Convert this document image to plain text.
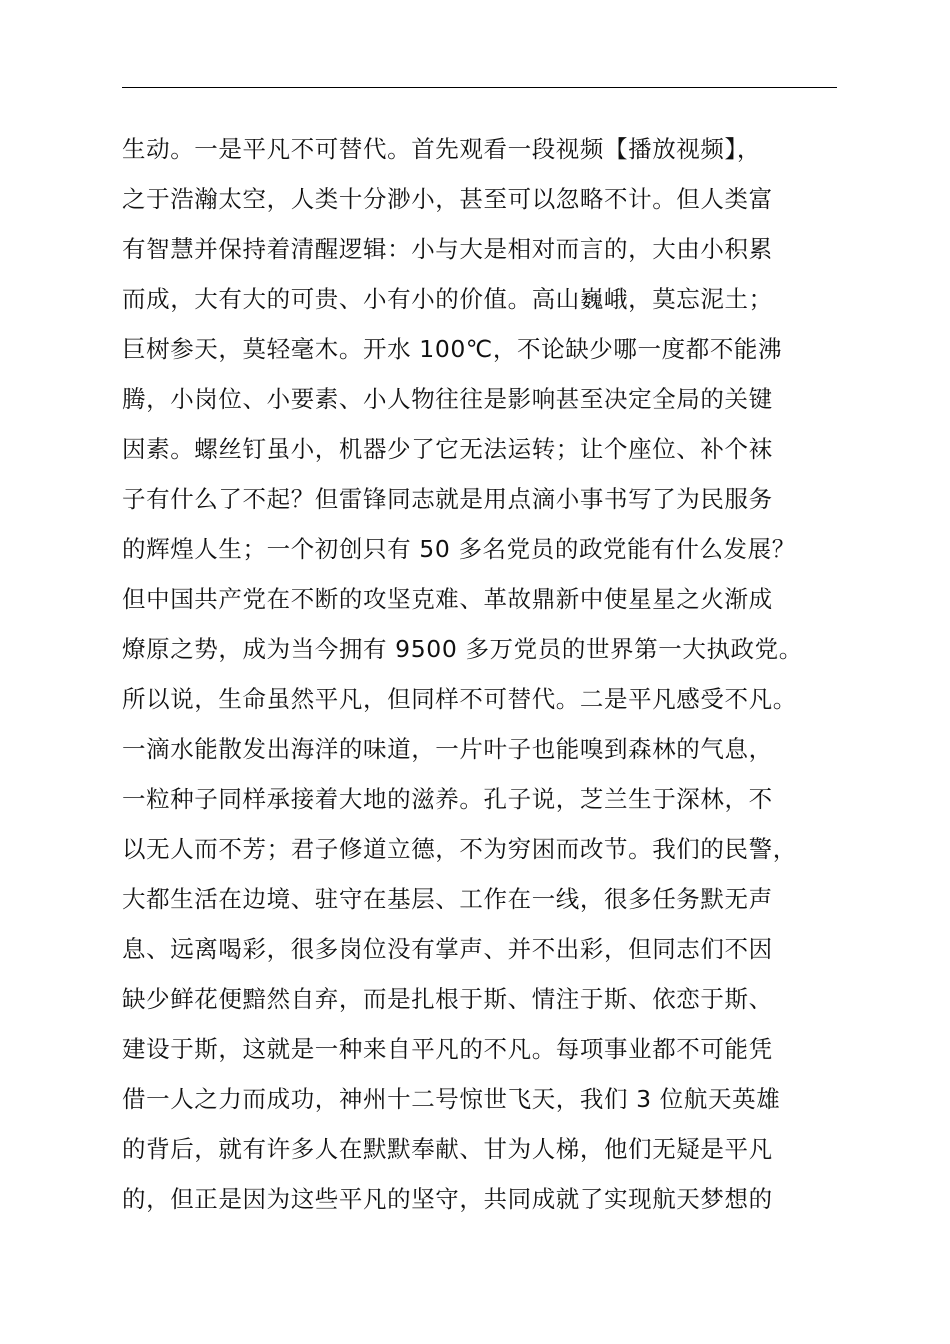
生动。一是平凡不可替代。首先观看一段视频【播放视频】，
之于浩瀚太空，人类十分渺小，甚至可以忽略不计。但人类富
有智慧并保持着清醒逻辑：小与大是相对而言的，大由小积累
而成，大有大的可贵、小有小的价值。高山巍峨，莫忘泥土；
巨树参天，莫轻毫木。开水 100℃，不论缺少哪一度都不能沸
腾，小岗位、小要素、小人物往往是影响甚至决定全局的关键
因素。螺丝钉虽小，机器少了它无法运转；让个座位、补个袜
子有什么了不起？但雷锋同志就是用点滴小事书写了为民服务
的辉煌人生；一个初创只有 50 多名党员的政党能有什么发展？
但中国共产党在不断的攻坚克难、革故鼎新中使星星之火渐成
燎原之势，成为当今拥有 9500 多万党员的世界第一大执政党。
所以说，生命虽然平凡，但同样不可替代。二是平凡感受不凡。
一滴水能散发出海洋的味道，一片叶子也能嗅到森林的气息，
一粒种子同样承接着大地的滋养。孔子说，芝兰生于深林，不
以无人而不芳；君子修道立德，不为穷困而改节。我们的民警，
大都生活在边境、驻守在基层、工作在一线，很多任务默无声
息、远离喝彩，很多岗位没有掌声、并不出彩，但同志们不因
缺少鲜花便黯然自弃，而是扎根于斯、情注于斯、依恋于斯、
建设于斯，这就是一种来自平凡的不凡。每项事业都不可能凭
借一人之力而成功，神州十二号惊世飞天，我们 3 位航天英雄
的背后，就有许多人在默默奉献、甘为人梯，他们无疑是平凡
的，但正是因为这些平凡的坚守，共同成就了实现航天梦想的
